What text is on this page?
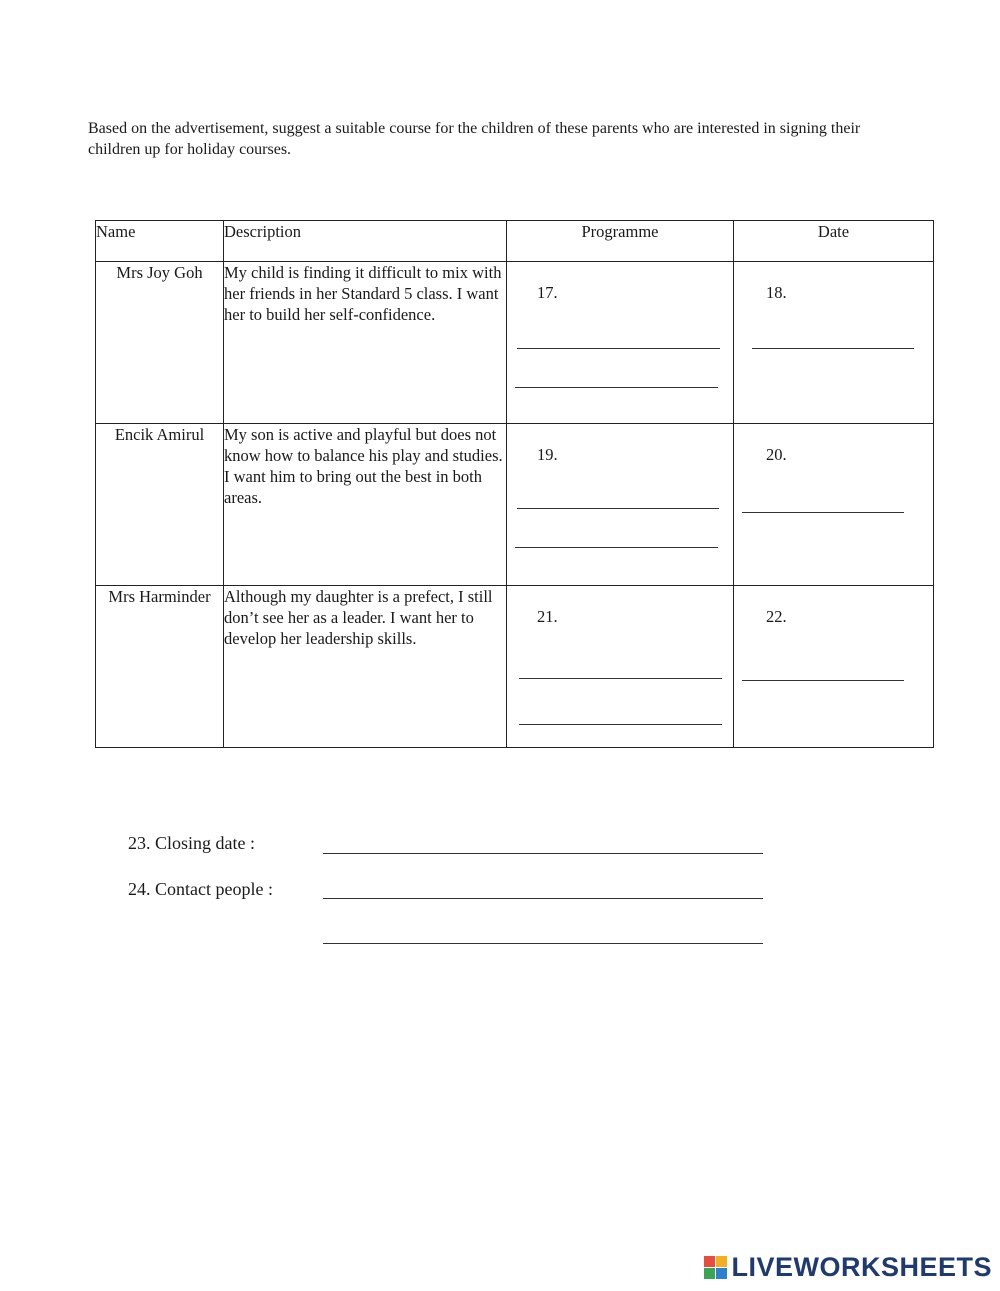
Based on the advertisement, suggest a suitable course for the children of these parents who are interested in signing their children up for holiday courses.
Name	Description	Programme	Date
Mrs Joy Goh	My child is finding it difficult to mix with her friends in her Standard 5 class. I want her to build her self-confidence.	17.	18.

Encik Amirul	My son is active and playful but does not know how to balance his play and studies. I want him to bring out the best in both areas.	19.	20.

Mrs Harminder	Although my daughter is a prefect, I still don’t see her as a leader. I want her to develop her leadership skills.	21.	22.
23. Closing date :
24. Contact people :
LIVEWORKSHEETS
